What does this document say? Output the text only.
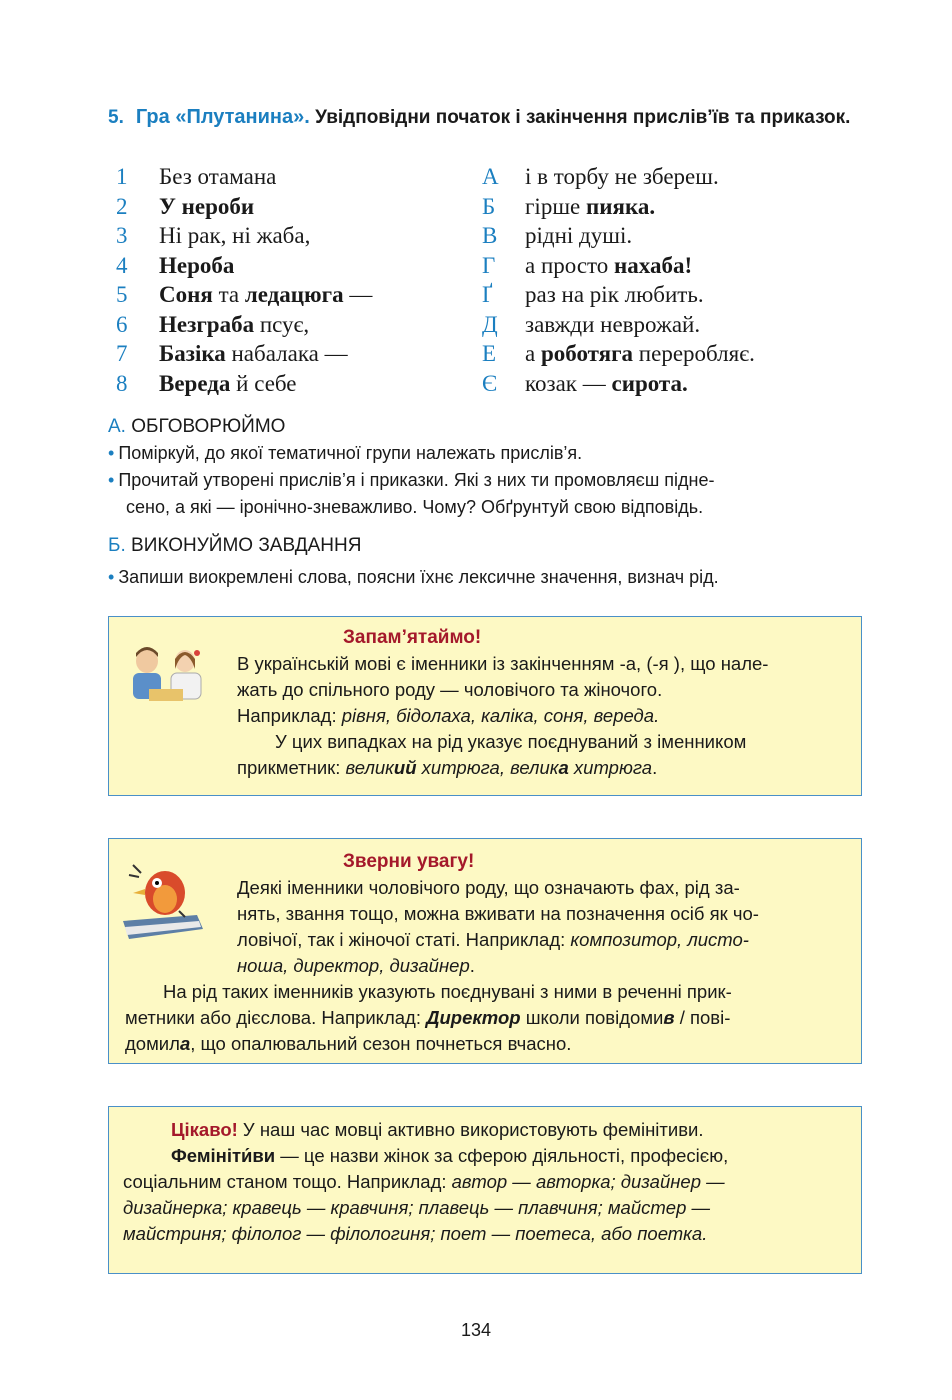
5. Гра «Плутанина». Увідповідни початок і закінчення прислів’їв та приказок.
1	Без отамана	А і в торбу не збереш.
2	У нероби	Б гірше пияка.
3	Ні рак, ні жаба,	В рідні душі.
4	Нероба	Г а просто нахаба!
5	Соня та ледацюга —	Ґ раз на рік любить.
6	Незграба псує,	Д завжди неврожай.
7	Базіка набалака —	Е а роботяга переробляє.
8	Вереда й себе	Є козак — сирота.
А. ОБГОВОРЮЙМО
• Поміркуй, до якої тематичної групи належать прислів’я.
• Прочитай утворені прислів’я і приказки. Які з них ти промовляєш підне-
сено, а які — іронічно-зневажливо. Чому? Обґрунтуй свою відповідь.
Б. ВИКОНУЙМО ЗАВДАННЯ
• Запиши виокремлені слова, поясни їхнє лексичне значення, визнач рід.
Запам’ятаймо!

В українській мові є іменники із закінченням -а, (-я ), що нале-

жать до спільного роду — чоловічого та жіночого.

Наприклад: рівня, бідолаха, каліка, соня, вереда.

У цих випадках на рід указує поєднуваний з іменником

прикметник: великий хитрюга, велика хитрюга.

Зверни увагу!

Деякі іменники чоловічого роду, що означають фах, рід за-

нять, звання тощо, можна вживати на позначення осіб як чо-

ловічої, так і жіночої статі. Наприклад: композитор, листо-

ноша, директор, дизайнер.

На рід таких іменників указують поєднувані з ними в реченні прик-

метники або дієслова. Наприклад: Директор школи повідомив / пові-

домила, що опалювальний сезон почнеться вчасно.

Цікаво! У наш час мовці активно використовують фемінітиви.

Фемініти́ви — це назви жінок за сферою діяльності, професією,

соціальним станом тощо. Наприклад: автор — авторка; дизайнер —

дизайнерка; кравець — кравчиня; плавець — плавчиня; майстер —

майстриня; філолог — філологиня; поет — поетеса, або поетка.

134
